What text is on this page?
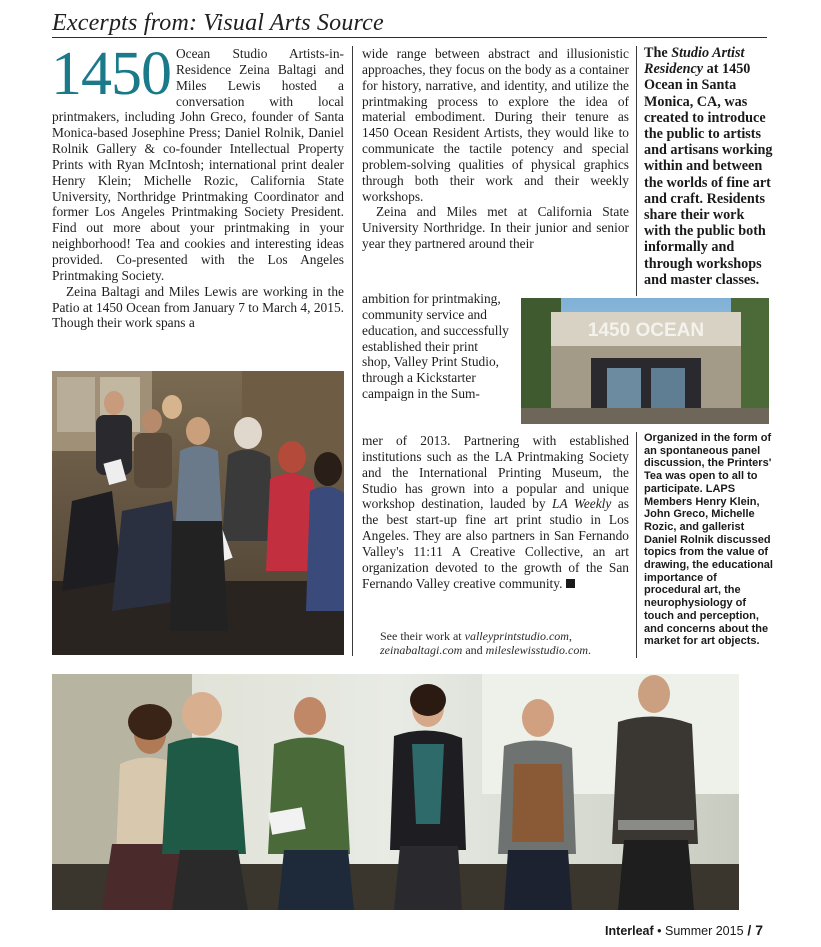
Excerpts from: Visual Arts Source

1450 Ocean Studio Artists-in-Residence Zeina Baltagi and Miles Lewis hosted a conversation with local printmakers, including John Greco, founder of Santa Monica-based Josephine Press; Daniel Rolnik, Daniel Rolnik Gallery & co-founder Intellectual Property Prints with Ryan McIntosh; international print dealer Henry Klein; Michelle Rozic, California State University, Northridge Printmaking Coordinator and former Los Angeles Printmaking Society President. Find out more about your printmaking in your neighborhood! Tea and cookies and interesting ideas provided. Co-presented with the Los Angeles Printmaking Society.

Zeina Baltagi and Miles Lewis are working in the Patio at 1450 Ocean from January 7 to March 4, 2015. Though their work spans a

wide range between abstract and illusionistic approaches, they focus on the body as a container for history, narrative, and identity, and utilize the printmaking process to explore the idea of material embodiment. During their tenure as 1450 Ocean Resident Artists, they would like to communicate the tactile potency and special problem-solving qualities of physical graphics through both their work and their weekly workshops.

Zeina and Miles met at California State University Northridge. In their junior and senior year they partnered around their

ambition for printmaking, community service and education, and successfully established their print shop, Valley Print Studio, through a Kickstarter campaign in the Sum-

mer of 2013. Partnering with established institutions such as the LA Printmaking Society and the International Printing Museum, the Studio has grown into a popular and unique workshop destination, lauded by LA Weekly as the best start-up fine art print studio in Los Angeles. They are also partners in San Fernando Valley's 11:11 A Creative Collective, an art organization devoted to the growth of the San Fernando Valley creative community.

See their work at valleyprintstudio.com,
zeinabaltagi.com and mileslewisstudio.com.
The Studio Artist Residency at 1450 Ocean in Santa Monica, CA, was created to introduce the public to artists and artisans working within and between the worlds of fine art and craft. Residents share their work with the public both informally and through workshops and master classes.
1450 OCEAN
Organized in the form of an spontaneous panel discussion, the Printers' Tea was open to all to participate. LAPS Members Henry Klein, John Greco, Michelle Rozic, and gallerist Daniel Rolnik discussed topics from the value of drawing, the educational importance of procedural art, the neurophysiology of touch and perception, and concerns about the market for art objects.
Interleaf • Summer 2015 / 7
